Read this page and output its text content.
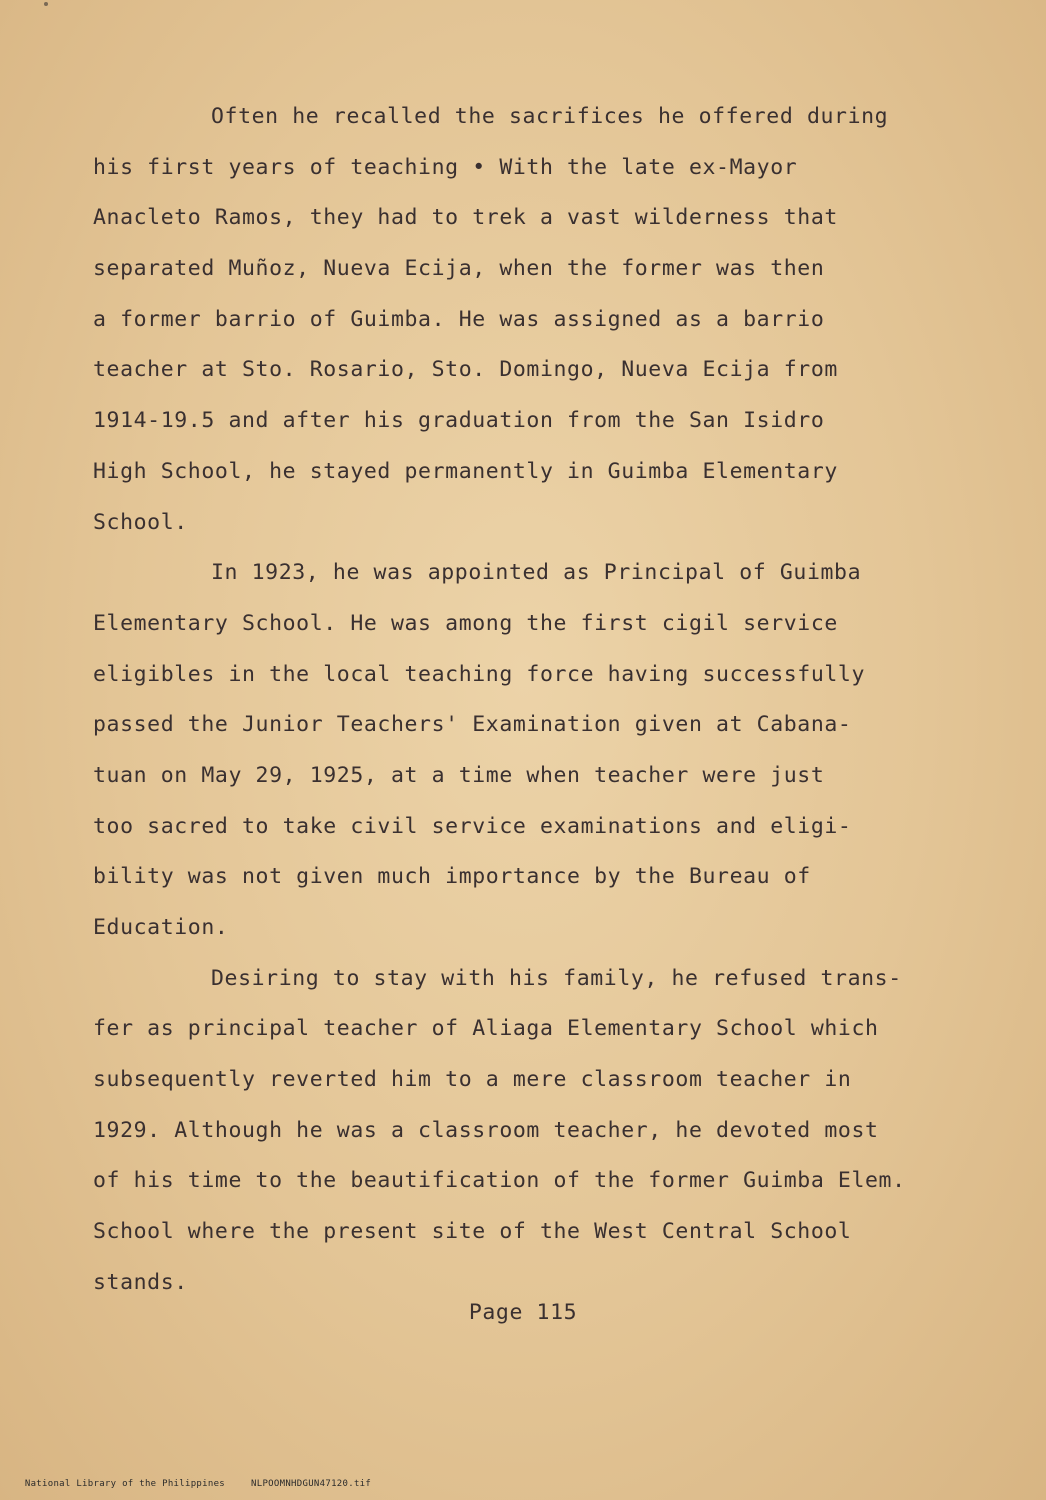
Often he recalled the sacrifices he offered during
his first years of teaching • With the late ex-Mayor
Anacleto Ramos, they had to trek a vast wilderness that
separated Muñoz, Nueva Ecija, when the former was then
a former barrio of Guimba. He was assigned as a barrio
teacher at Sto. Rosario, Sto. Domingo, Nueva Ecija from
1914-19.5 and after his graduation from the San Isidro
High School, he stayed permanently in Guimba Elementary
School.
In 1923, he was appointed as Principal of Guimba
Elementary School. He was among the first cigil service
eligibles in the local teaching force having successfully
passed the Junior Teachers' Examination given at Cabana-
tuan on May 29, 1925, at a time when teacher were just
too sacred to take civil service examinations and eligi-
bility was not given much importance by the Bureau of
Education.
Desiring to stay with his family, he refused trans-
fer as principal teacher of Aliaga Elementary School which
subsequently reverted him to a mere classroom teacher in
1929. Although he was a classroom teacher, he devoted most
of his time to the beautification of the former Guimba Elem.
School where the present site of the West Central School
stands.
Page 115

National Library of the Philippines	NLPOOMNHDGUN47120.tif
